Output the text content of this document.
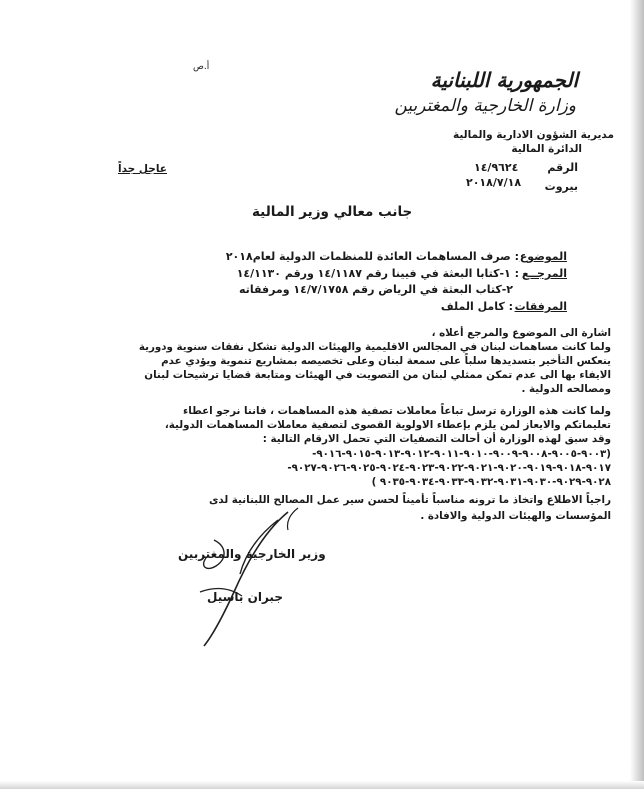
أ.ص
الجمهورية اللبنانية
وزارة الخارجية والمغتربين
مديرية الشؤون الادارية والمالية
الدائرة المالية
الرقم
١٤/٩٦٢٤
بيروت
٢٠١٨/٧/١٨
عاجل جداً
جانب معالي وزير المالية
الموضوع
: صرف المساهمات العائدة للمنظمات الدولية لعام٢٠١٨
المرجــع
: ١-كتابا البعثة في فيينا رقم ١٤/١١٨٧ ورقم ١٤/١١٣٠
٢-كتاب البعثة في الرياض رقم ١٤/٧/١٧٥٨ ومرفقاته
المرفقات
: كامل الملف
اشارة الى الموضوع والمرجع أعلاه ،
ولما كانت مساهمات لبنان في المجالس الاقليمية والهيئات الدولية تشكل نفقات سنوية ودورية
ينعكس التأخير بتسديدها سلباً على سمعة لبنان وعلى تخصيصه بمشاريع تنموية ويؤدي عدم
الايفاء بها الى عدم تمكن ممثلي لبنان من التصويت في الهيئات ومتابعة قضايا ترشيحات لبنان
ومصالحه الدولية .
ولما كانت هذه الوزارة ترسل تباعاً معاملات تصفية هذه المساهمات ، فاننا نرجو اعطاء
تعليماتكم والايعاز لمن يلزم بإعطاء الاولوية القصوى لتصفية معاملات المساهمات الدولية،
وقد سبق لهذه الوزارة أن أحالت التصفيات التي تحمل الارقام التالية :
(٩٠٠٣-٩٠٠٥-٩٠٠٨-٩٠٠٩-٩٠١٠-٩٠١١-٩٠١٢-٩٠١٣-٩٠١٥-٩٠١٦-
٩٠١٧-٩٠١٨-٩٠١٩-٩٠٢٠-٩٠٢١-٩٠٢٢-٩٠٢٣-٩٠٢٤-٩٠٢٥-٩٠٢٦-٩٠٢٧-
٩٠٢٨-٩٠٢٩-٩٠٣٠-٩٠٣١-٩٠٣٢-٩٠٣٣-٩٠٣٤-٩٠٣٥ )
راجياً الاطلاع واتخاذ ما ترونه مناسباً تأميناً لحسن سير عمل المصالح اللبنانية لدى
المؤسسات والهيئات الدولية والافادة .
وزير الخارجية والمغتربين
جبران باسيل
